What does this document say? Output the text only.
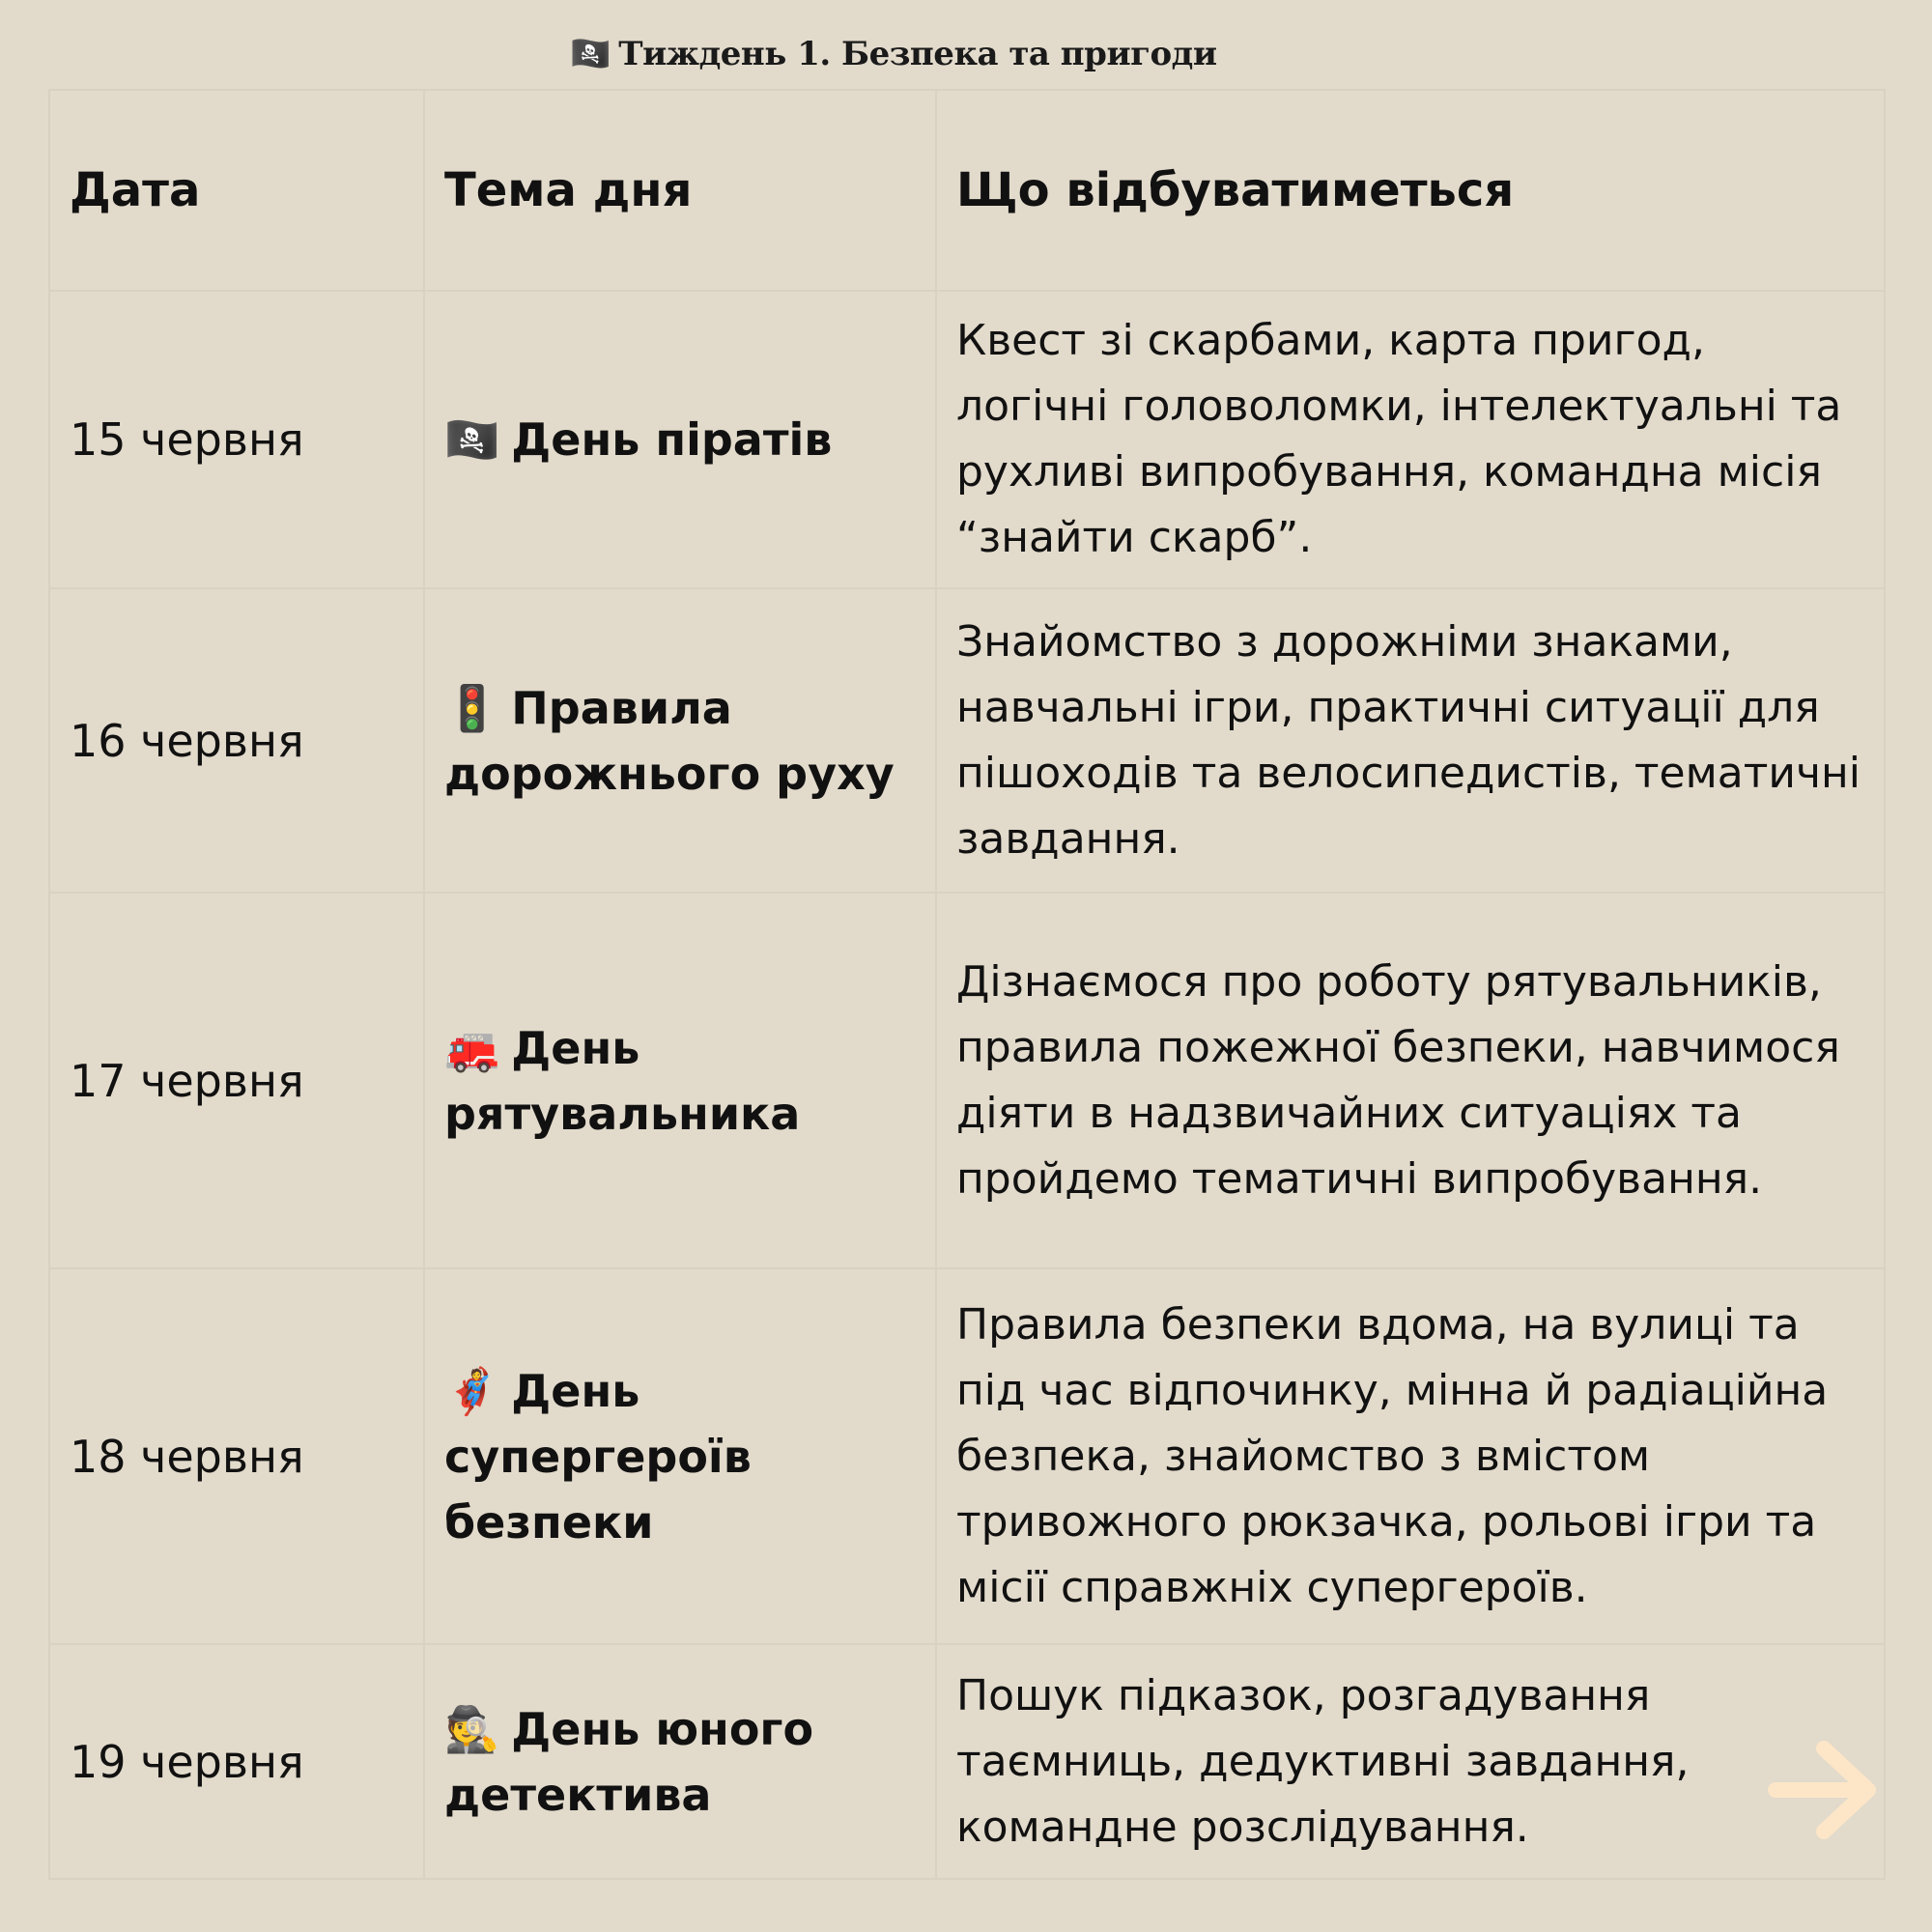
🏴‍☠️ Тиждень 1. Безпека та пригоди
Дата	Тема дня	Що відбуватиметься
15 червня	🏴‍☠️ День піратів	Квест зі скарбами, карта пригод, логічні головоломки, інтелектуальні та рухливі випробування, командна місія “знайти скарб”.
16 червня	🚦 Правила дорожнього руху	Знайомство з дорожніми знаками, навчальні ігри, практичні ситуації для пішоходів та велосипедистів, тематичні завдання.
17 червня	🚒 День рятувальника	Дізнаємося про роботу рятувальників, правила пожежної безпеки, навчимося діяти в надзвичайних ситуаціях та пройдемо тематичні випробування.
18 червня	🦸 День супергероїв безпеки	Правила безпеки вдома, на вулиці та під час відпочинку, мінна й радіаційна безпека, знайомство з вмістом тривожного рюкзачка, рольові ігри та місії справжніх супергероїв.
19 червня	🕵️ День юного детектива	Пошук підказок, розгадування таємниць, дедуктивні завдання, командне розслідування.
